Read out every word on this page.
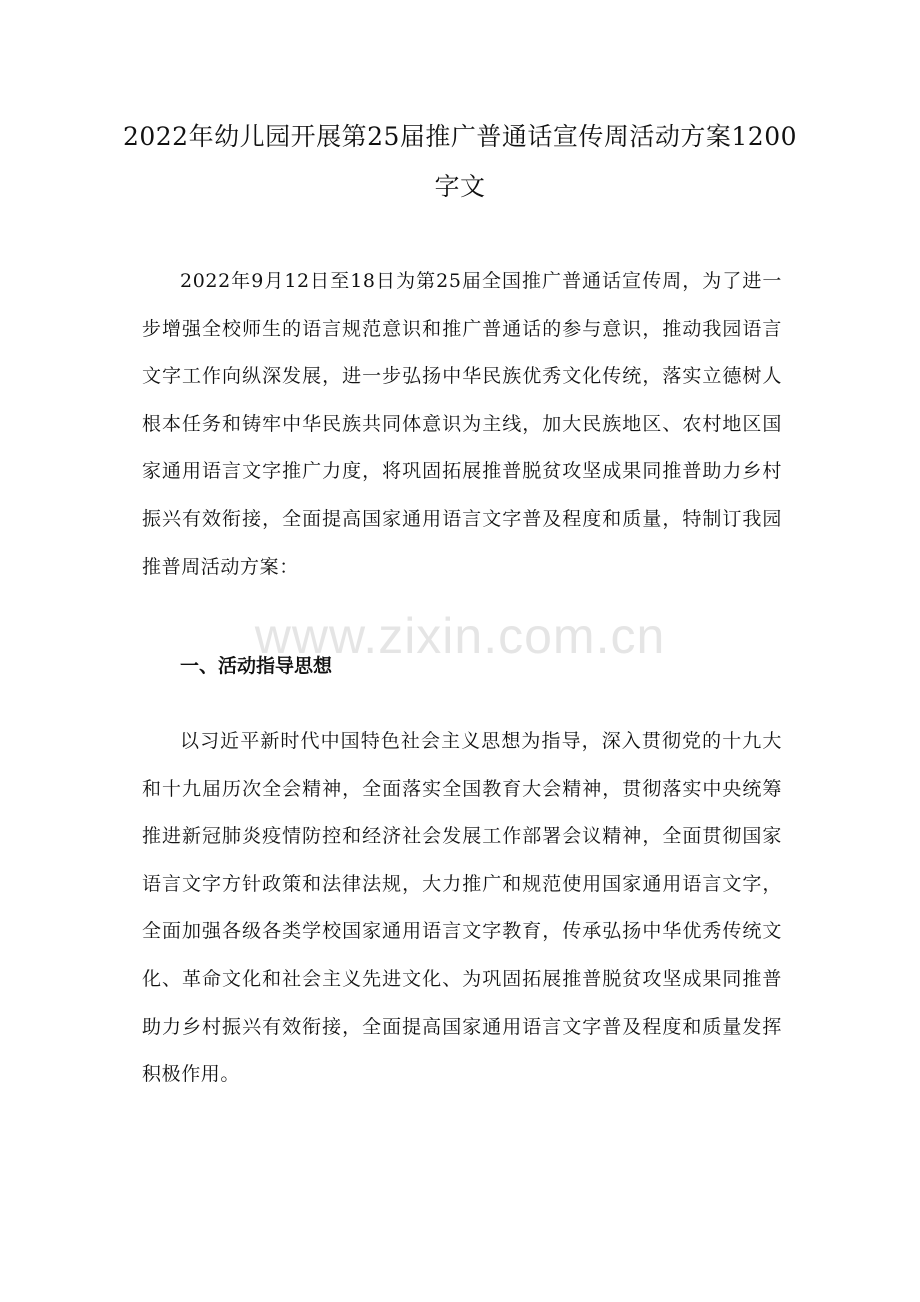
2022年幼儿园开展第25届推广普通话宣传周活动方案1200字文

2022年9月12日至18日为第25届全国推广普通话宣传周，为了进一步增强全校师生的语言规范意识和推广普通话的参与意识，推动我园语言文字工作向纵深发展，进一步弘扬中华民族优秀文化传统，落实立德树人根本任务和铸牢中华民族共同体意识为主线，加大民族地区、农村地区国家通用语言文字推广力度，将巩固拓展推普脱贫攻坚成果同推普助力乡村振兴有效衔接，全面提高国家通用语言文字普及程度和质量，特制订我园推普周活动方案：

www.zixin.com.cn
一、活动指导思想

以习近平新时代中国特色社会主义思想为指导，深入贯彻党的十九大和十九届历次全会精神，全面落实全国教育大会精神，贯彻落实中央统筹推进新冠肺炎疫情防控和经济社会发展工作部署会议精神，全面贯彻国家语言文字方针政策和法律法规，大力推广和规范使用国家通用语言文字，全面加强各级各类学校国家通用语言文字教育，传承弘扬中华优秀传统文化、革命文化和社会主义先进文化、为巩固拓展推普脱贫攻坚成果同推普助力乡村振兴有效衔接，全面提高国家通用语言文字普及程度和质量发挥积极作用。
